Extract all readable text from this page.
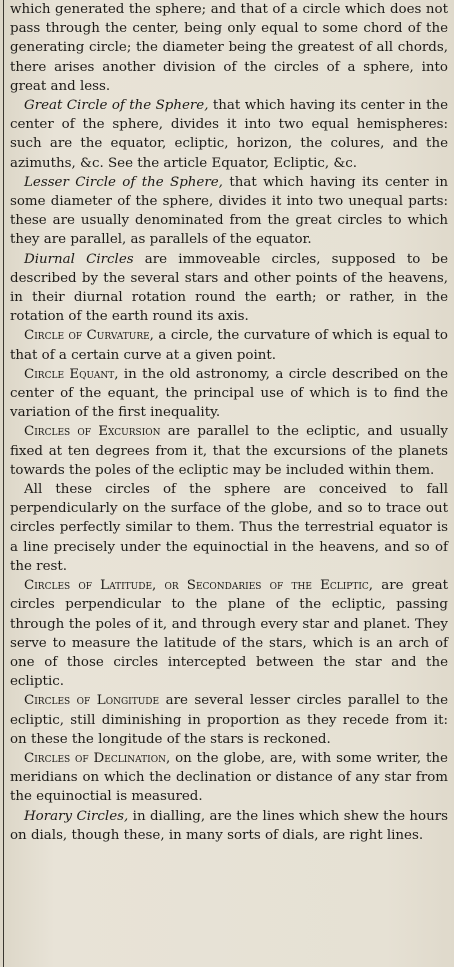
which generated the sphere; and that of a circle which does not pass through the center, being only equal to some chord of the generating circle; the diameter being the greatest of all chords, there arises another division of the circles of a sphere, into great and less.

Great Circle of the Sphere, that which having its center in the center of the sphere, divides it into two equal hemispheres: such are the equator, ecliptic, horizon, the colures, and the azimuths, &c. See the article Equator, Ecliptic, &c.

Lesser Circle of the Sphere, that which having its center in some diameter of the sphere, divides it into two unequal parts: these are usually denominated from the great circles to which they are parallel, as parallels of the equator.

Diurnal Circles are immoveable circles, supposed to be described by the several stars and other points of the heavens, in their diurnal rotation round the earth; or rather, in the rotation of the earth round its axis.

Circle of Curvature, a circle, the curvature of which is equal to that of a certain curve at a given point.

Circle Equant, in the old astronomy, a circle described on the center of the equant, the principal use of which is to find the variation of the first inequality.

Circles of Excursion are parallel to the ecliptic, and usually fixed at ten degrees from it, that the excursions of the planets towards the poles of the ecliptic may be included within them.

All these circles of the sphere are conceived to fall perpendicularly on the surface of the globe, and so to trace out circles perfectly similar to them. Thus the terrestrial equator is a line precisely under the equinoctial in the heavens, and so of the rest.

Circles of Latitude, or Secondaries of the Ecliptic, are great circles perpendicular to the plane of the ecliptic, passing through the poles of it, and through every star and planet. They serve to measure the latitude of the stars, which is an arch of one of those circles intercepted between the star and the ecliptic.

Circles of Longitude are several lesser circles parallel to the ecliptic, still diminishing in proportion as they recede from it: on these the longitude of the stars is reckoned.

Circles of Declination, on the globe, are, with some writer, the meridians on which the declination or distance of any star from the equinoctial is measured.

Horary Circles, in dialling, are the lines which shew the hours on dials, though these, in many sorts of dials, are right lines.
